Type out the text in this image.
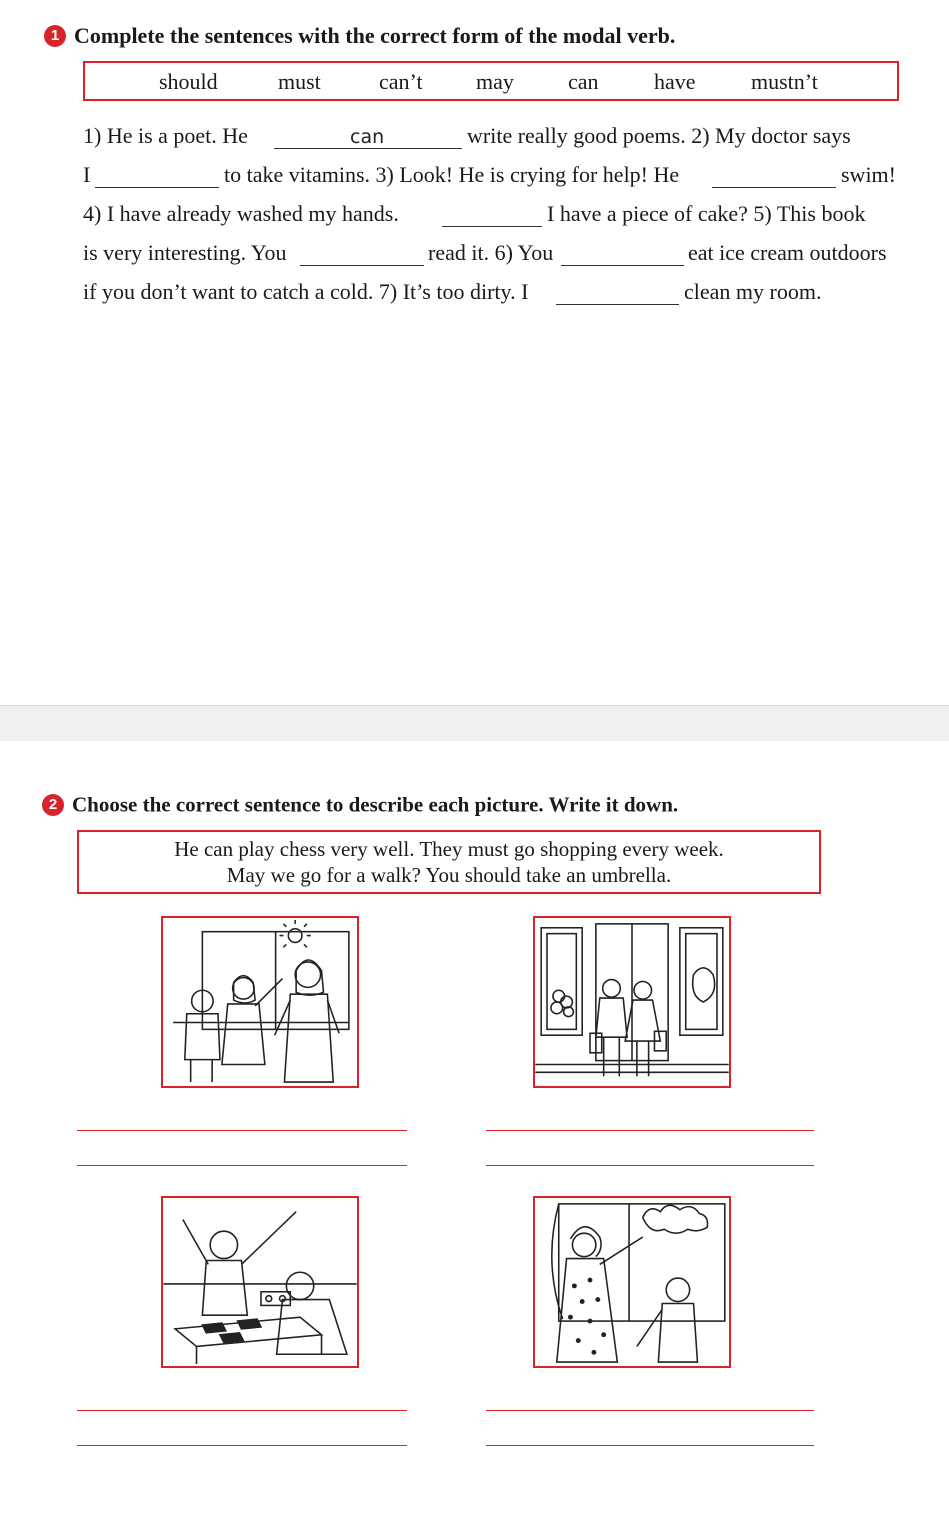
1 Complete the sentences with the correct form of the modal verb.
should	must	can’t may can	have	mustn’t
1) He is a poet. He	can	write really good poems. 2) My doctor says
I	to take vitamins. 3) Look! He is crying for help! He	swim!
4) I have already washed my hands.	I have a piece of cake? 5) This book
is very interesting. You	read it. 6) You	eat ice cream outdoors
if you don’t want to catch a cold. 7) It’s too dirty. I	clean my room.
2 Choose the correct sentence to describe each picture. Write it down.
He can play chess very well. They must go shopping every week.
May we go for a walk? You should take an umbrella.
